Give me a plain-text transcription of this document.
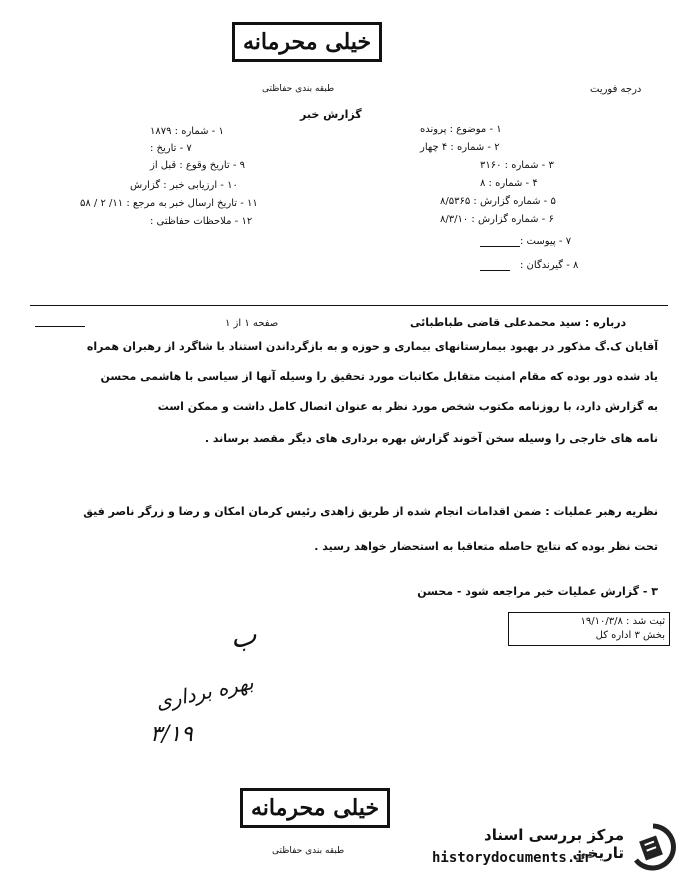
خیلی محرمانه
طبقه بندی حفاظتی	درجه فوریت
گزارش خبر
۱ - شماره : ۱۸۷۹
۷ - تاریخ :
۹ - تاریخ وقوع : قبل از
۱۰ - ارزیابی خبر : گزارش
۱۱ - تاریخ ارسال خبر به مرجع : ۱۱/ ۲ / ۵۸
۱۲ - ملاحظات حفاظتی :
۱ - موضوع : پرونده
۲ - شماره : ۴ چهار
۳ - شماره : ۳۱۶۰
۴ - شماره : ۸
۵ - شماره گزارش : ۸/۵۳۶۵
۶ - شماره گزارش : ۸/۳/۱۰
۷ - پیوست :
۸ - گیرندگان :
درباره : سید محمدعلی قاضی طباطبائی
صفحه ۱ از ۱
آقایان ک.گ مذکور در بهبود بیمارستانهای بیماری و حوزه و به بازگرداندن استناد با شاگرد از رهبران همراه
یاد شده دور بوده که مقام امنیت متقابل مکاتبات مورد تحقیق را وسیله آنها از سیاسی با هاشمی محسن
به گزارش دارد، با روزنامه مکتوب شخص مورد نظر به عنوان اتصال کامل داشت و ممکن است
نامه های خارجی را وسیله سخن آخوند گزارش بهره برداری های دیگر مقصد برساند .
نظریه رهبر عملیات : ضمن اقدامات انجام شده از طریق زاهدی رئیس کرمان امکان و رضا و زرگر ناصر فیق
تحت نظر بوده که نتایج حاصله متعاقبا به استحضار خواهد رسید .
۳ - گزارش عملیات خبر مراجعه شود - محسن
ثبت شد : ۱۹/۱۰/۳/۸
بخش ۳ اداره کل
ب
بهره برداری
۳/۱۹
خیلی محرمانه
طبقه بندی حفاظتی
مرکز بررسی اسناد تاریخی
historydocuments.ir
